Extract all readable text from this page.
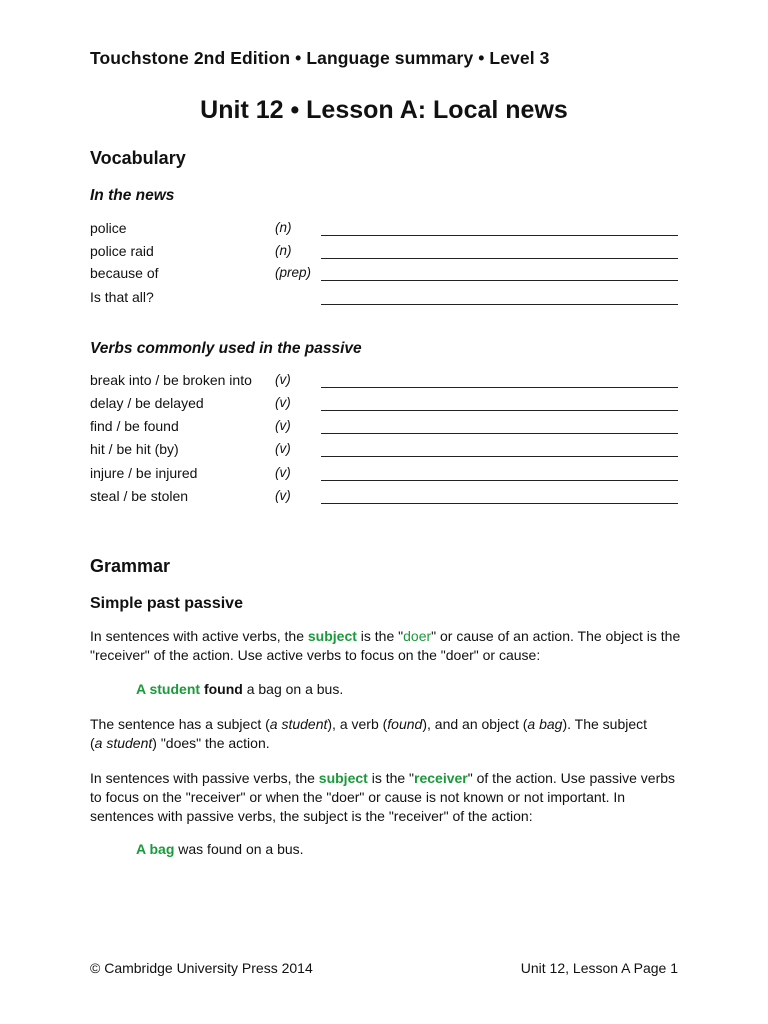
Touchstone 2nd Edition • Language summary • Level 3
Unit 12 • Lesson A: Local news
Vocabulary
In the news
police	(n)
police raid	(n)
because of	(prep)
Is that all?
Verbs commonly used in the passive
break into / be broken into (v)
delay / be delayed	(v)
find / be found	(v)
hit / be hit (by)	(v)
injure / be injured	(v)
steal / be stolen	(v)
Grammar
Simple past passive

In sentences with active verbs, the subject is the "doer" or cause of an action. The object is the "receiver" of the action. Use active verbs to focus on the "doer" or cause:

A student found a bag on a bus.

The sentence has a subject (a student), a verb (found), and an object (a bag). The subject
(a student) "does" the action.

In sentences with passive verbs, the subject is the "receiver" of the action. Use passive verbs to focus on the "receiver" or when the "doer" or cause is not known or not important. In sentences with passive verbs, the subject is the "receiver" of the action:

A bag was found on a bus.
© Cambridge University Press 2014	Unit 12, Lesson A Page 1
